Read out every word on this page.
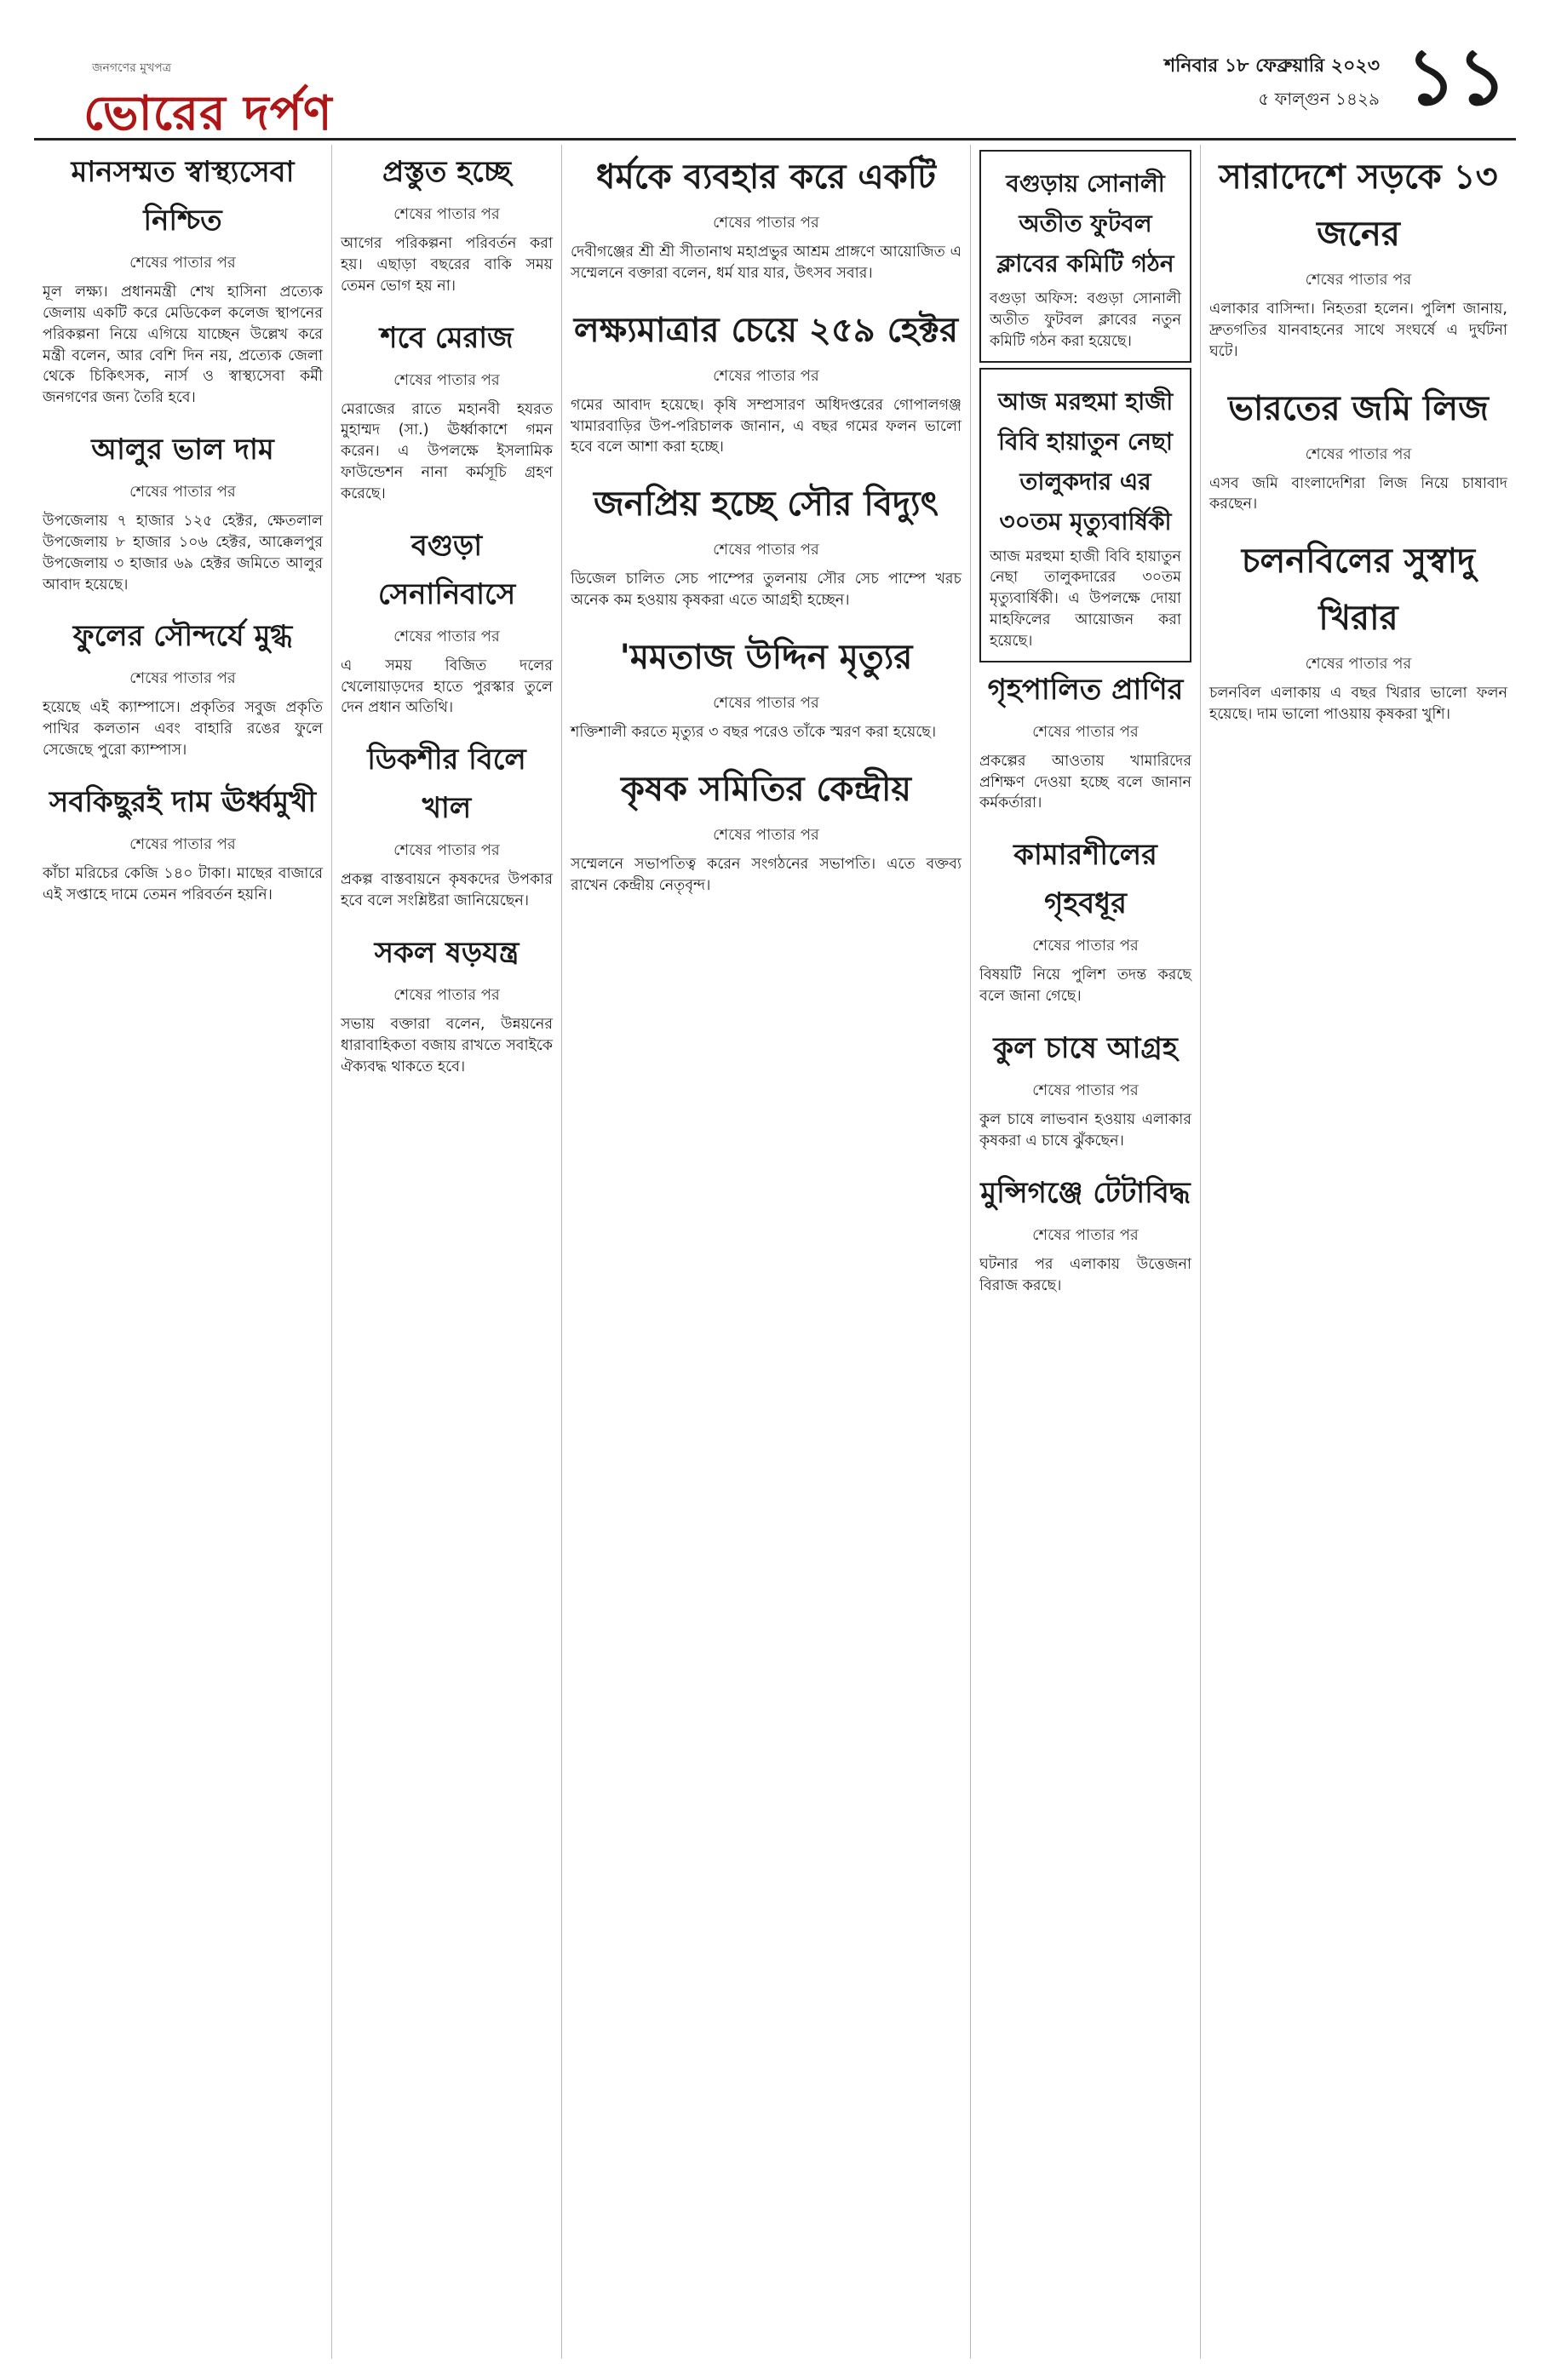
জনগণের মুখপত্র
ভোরের দর্পণ
শনিবার ১৮ ফেব্রুয়ারি ২০২৩
৫ ফাল্গুন ১৪২৯ ১১
মানসম্মত স্বাস্থ্যসেবা নিশ্চিত
শেষের পাতার পর

মূল লক্ষ্য। প্রধানমন্ত্রী শেখ হাসিনা প্রত্যেক জেলায় একটি করে মেডিকেল কলেজ স্থাপনের পরিকল্পনা নিয়ে এগিয়ে যাচ্ছেন উল্লেখ করে মন্ত্রী বলেন, আর বেশি দিন নয়, প্রত্যেক জেলা থেকে চিকিৎসক, নার্স ও স্বাস্থ্যসেবা কর্মী জনগণের জন্য তৈরি হবে।

আলুর ভাল দাম
শেষের পাতার পর

উপজেলায় ৭ হাজার ১২৫ হেক্টর, ক্ষেতলাল উপজেলায় ৮ হাজার ১০৬ হেক্টর, আক্কেলপুর উপজেলায় ৩ হাজার ৬৯ হেক্টর জমিতে আলুর আবাদ হয়েছে।

ফুলের সৌন্দর্যে মুগ্ধ
শেষের পাতার পর

হয়েছে এই ক্যাম্পাসে। প্রকৃতির সবুজ প্রকৃতি পাখির কলতান এবং বাহারি রঙের ফুলে সেজেছে পুরো ক্যাম্পাস।

সবকিছুরই দাম ঊর্ধ্বমুখী
শেষের পাতার পর

কাঁচা মরিচের কেজি ১৪০ টাকা। মাছের বাজারে এই সপ্তাহে দামে তেমন পরিবর্তন হয়নি।

প্রস্তুত হচ্ছে
শেষের পাতার পর

আগের পরিকল্পনা পরিবর্তন করা হয়। এছাড়া বছরের বাকি সময় তেমন ভোগ হয় না।

শবে মেরাজ
শেষের পাতার পর

মেরাজের রাতে মহানবী হযরত মুহাম্মদ (সা.) ঊর্ধ্বাকাশে গমন করেন। এ উপলক্ষে ইসলামিক ফাউন্ডেশন নানা কর্মসূচি গ্রহণ করেছে।

বগুড়া সেনানিবাসে
শেষের পাতার পর

এ সময় বিজিত দলের খেলোয়াড়দের হাতে পুরস্কার তুলে দেন প্রধান অতিথি।

ডিকশীর বিলে খাল
শেষের পাতার পর

প্রকল্প বাস্তবায়নে কৃষকদের উপকার হবে বলে সংশ্লিষ্টরা জানিয়েছেন।

সকল ষড়যন্ত্র
শেষের পাতার পর

সভায় বক্তারা বলেন, উন্নয়নের ধারাবাহিকতা বজায় রাখতে সবাইকে ঐক্যবদ্ধ থাকতে হবে।

ধর্মকে ব্যবহার করে একটি
শেষের পাতার পর

দেবীগঞ্জের শ্রী শ্রী সীতানাথ মহাপ্রভুর আশ্রম প্রাঙ্গণে আয়োজিত এ সম্মেলনে বক্তারা বলেন, ধর্ম যার যার, উৎসব সবার।

লক্ষ্যমাত্রার চেয়ে ২৫৯ হেক্টর
শেষের পাতার পর

গমের আবাদ হয়েছে। কৃষি সম্প্রসারণ অধিদপ্তরের গোপালগঞ্জ খামারবাড়ির উপ-পরিচালক জানান, এ বছর গমের ফলন ভালো হবে বলে আশা করা হচ্ছে।

জনপ্রিয় হচ্ছে সৌর বিদ্যুৎ
শেষের পাতার পর

ডিজেল চালিত সেচ পাম্পের তুলনায় সৌর সেচ পাম্পে খরচ অনেক কম হওয়ায় কৃষকরা এতে আগ্রহী হচ্ছেন।

'মমতাজ উদ্দিন মৃত্যুর
শেষের পাতার পর

শক্তিশালী করতে মৃত্যুর ৩ বছর পরেও তাঁকে স্মরণ করা হয়েছে।

কৃষক সমিতির কেন্দ্রীয়
শেষের পাতার পর

সম্মেলনে সভাপতিত্ব করেন সংগঠনের সভাপতি। এতে বক্তব্য রাখেন কেন্দ্রীয় নেতৃবৃন্দ।

বগুড়ায় সোনালী অতীত ফুটবল ক্লাবের কমিটি গঠন

বগুড়া অফিস: বগুড়া সোনালী অতীত ফুটবল ক্লাবের নতুন কমিটি গঠন করা হয়েছে।

আজ মরহুমা হাজী বিবি হায়াতুন নেছা তালুকদার এর ৩০তম মৃত্যুবার্ষিকী

আজ মরহুমা হাজী বিবি হায়াতুন নেছা তালুকদারের ৩০তম মৃত্যুবার্ষিকী। এ উপলক্ষে দোয়া মাহফিলের আয়োজন করা হয়েছে।

গৃহপালিত প্রাণির
শেষের পাতার পর

প্রকল্পের আওতায় খামারিদের প্রশিক্ষণ দেওয়া হচ্ছে বলে জানান কর্মকর্তারা।

কামারশীলের গৃহবধূর
শেষের পাতার পর

বিষয়টি নিয়ে পুলিশ তদন্ত করছে বলে জানা গেছে।

কুল চাষে আগ্রহ
শেষের পাতার পর

কুল চাষে লাভবান হওয়ায় এলাকার কৃষকরা এ চাষে ঝুঁকছেন।

মুন্সিগঞ্জে টেটাবিদ্ধ
শেষের পাতার পর

ঘটনার পর এলাকায় উত্তেজনা বিরাজ করছে।

সারাদেশে সড়কে ১৩ জনের
শেষের পাতার পর

এলাকার বাসিন্দা। নিহতরা হলেন। পুলিশ জানায়, দ্রুতগতির যানবাহনের সাথে সংঘর্ষে এ দুর্ঘটনা ঘটে।

ভারতের জমি লিজ
শেষের পাতার পর

এসব জমি বাংলাদেশিরা লিজ নিয়ে চাষাবাদ করছেন।

চলনবিলের সুস্বাদু খিরার
শেষের পাতার পর

চলনবিল এলাকায় এ বছর খিরার ভালো ফলন হয়েছে। দাম ভালো পাওয়ায় কৃষকরা খুশি।
